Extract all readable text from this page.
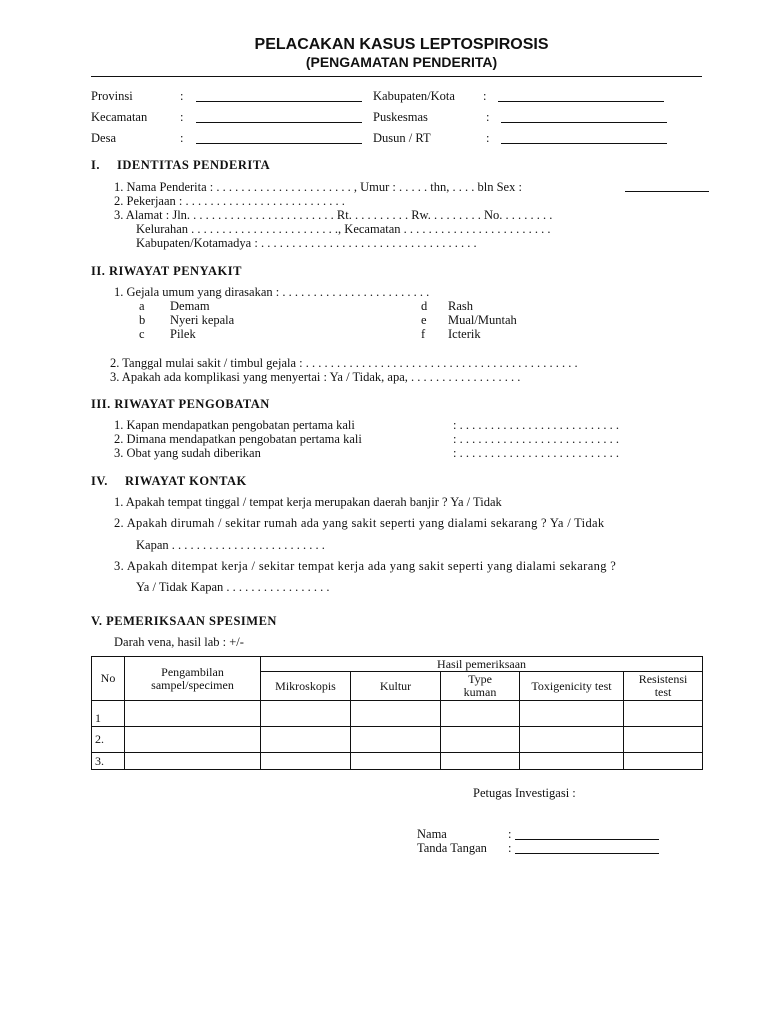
PELACAKAN KASUS LEPTOSPIROSIS
(PENGAMATAN PENDERITA)
Provinsi	:	Kabupaten/Kota :
Kecamatan	:	Puskesmas	:
Desa	:	Dusun / RT	:
I. IDENTITAS PENDERITA
1. Nama Penderita : . . . . . . . . . . . . . . . . . . . . . . , Umur : . . . . . thn, . . . . bln Sex :
2. Pekerjaan : . . . . . . . . . . . . . . . . . . . . . . . . . .
3. Alamat : Jln. . . . . . . . . . . . . . . . . . . . . . . . Rt. . . . . . . . . . Rw. . . . . . . . . No. . . . . . . . .
Kelurahan . . . . . . . . . . . . . . . . . . . . . . . ., Kecamatan . . . . . . . . . . . . . . . . . . . . . . . .
Kabupaten/Kotamadya : . . . . . . . . . . . . . . . . . . . . . . . . . . . . . . . . . . .
II. RIWAYAT PENYAKIT
1. Gejala umum yang dirasakan : . . . . . . . . . . . . . . . . . . . . . . . .
a Demam
b Nyeri kepala
c Pilek
d Rash
e Mual/Muntah
f Icterik
2. Tanggal mulai sakit / timbul gejala : . . . . . . . . . . . . . . . . . . . . . . . . . . . . . . . . . . . . . . . . . . . .
3. Apakah ada komplikasi yang menyertai : Ya / Tidak, apa, . . . . . . . . . . . . . . . . . .
III. RIWAYAT PENGOBATAN
1. Kapan mendapatkan pengobatan pertama kali	: . . . . . . . . . . . . . . . . . . . . . . . . . .
2. Dimana mendapatkan pengobatan pertama kali	: . . . . . . . . . . . . . . . . . . . . . . . . . .
3. Obat yang sudah diberikan	: . . . . . . . . . . . . . . . . . . . . . . . . . .
IV. RIWAYAT KONTAK
1. Apakah tempat tinggal / tempat kerja merupakan daerah banjir ? Ya / Tidak
2. Apakah dirumah / sekitar rumah ada yang sakit seperti yang dialami sekarang ? Ya / Tidak
Kapan . . . . . . . . . . . . . . . . . . . . . . . . .
3. Apakah ditempat kerja / sekitar tempat kerja ada yang sakit seperti yang dialami sekarang ?
Ya / Tidak Kapan . . . . . . . . . . . . . . . . .
V. PEMERIKSAAN SPESIMEN
Darah vena, hasil lab : +/-
No	Pengambilan sampel/specimen	Hasil pemeriksaan				
		Mikroskopis	Kultur	Type kuman	Toxigenicity test	Resistensi test
1						
2.						
3.						
Petugas Investigasi :
Nama	:
Tanda Tangan :
